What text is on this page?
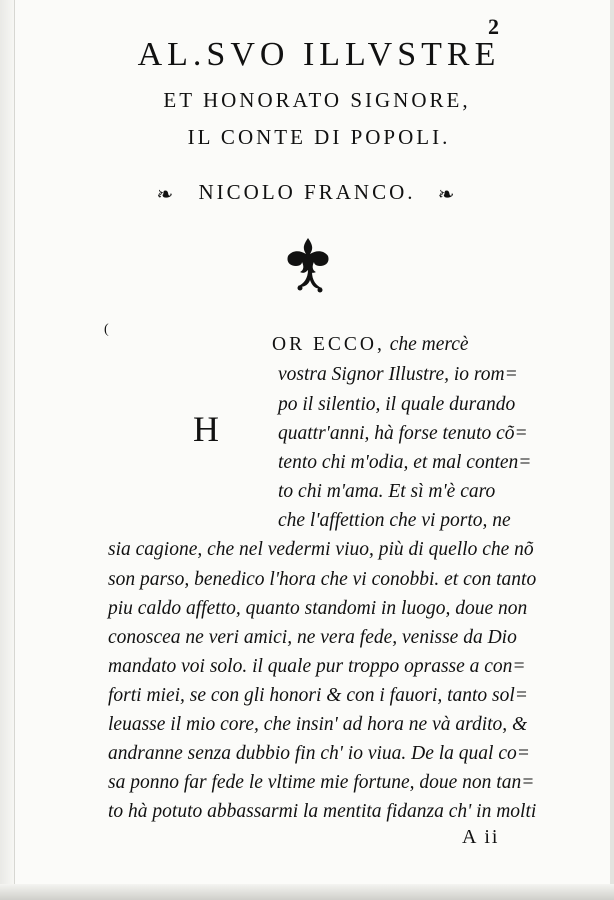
2
AL.SVO ILLVSTRE
ET HONORATO SIGNORE,
IL CONTE DI POPOLI.
❧ NICOLO FRANCO. ❧
(
H
OR ECCO, che mercè
vostra Signor Illustre, io rom=
po il silentio, il quale durando
quattr'anni, hà forse tenuto cõ=
tento chi m'odia, et mal conten=
to chi m'ama. Et sì m'è caro
che l'affettion che vi porto, ne
sia cagione, che nel vedermi viuo, più di quello che nõ
son parso, benedico l'hora che vi conobbi. et con tanto
piu caldo affetto, quanto standomi in luogo, doue non
conoscea ne veri amici, ne vera fede, venisse da Dio
mandato voi solo. il quale pur troppo oprasse a con=
forti miei, se con gli honori & con i fauori, tanto sol=
leuasse il mio core, che insin' ad hora ne và ardito, &
andranne senza dubbio fin ch' io viua. De la qual co=
sa ponno far fede le vltime mie fortune, doue non tan=
to hà potuto abbassarmi la mentita fidanza ch' in molti
A ii
